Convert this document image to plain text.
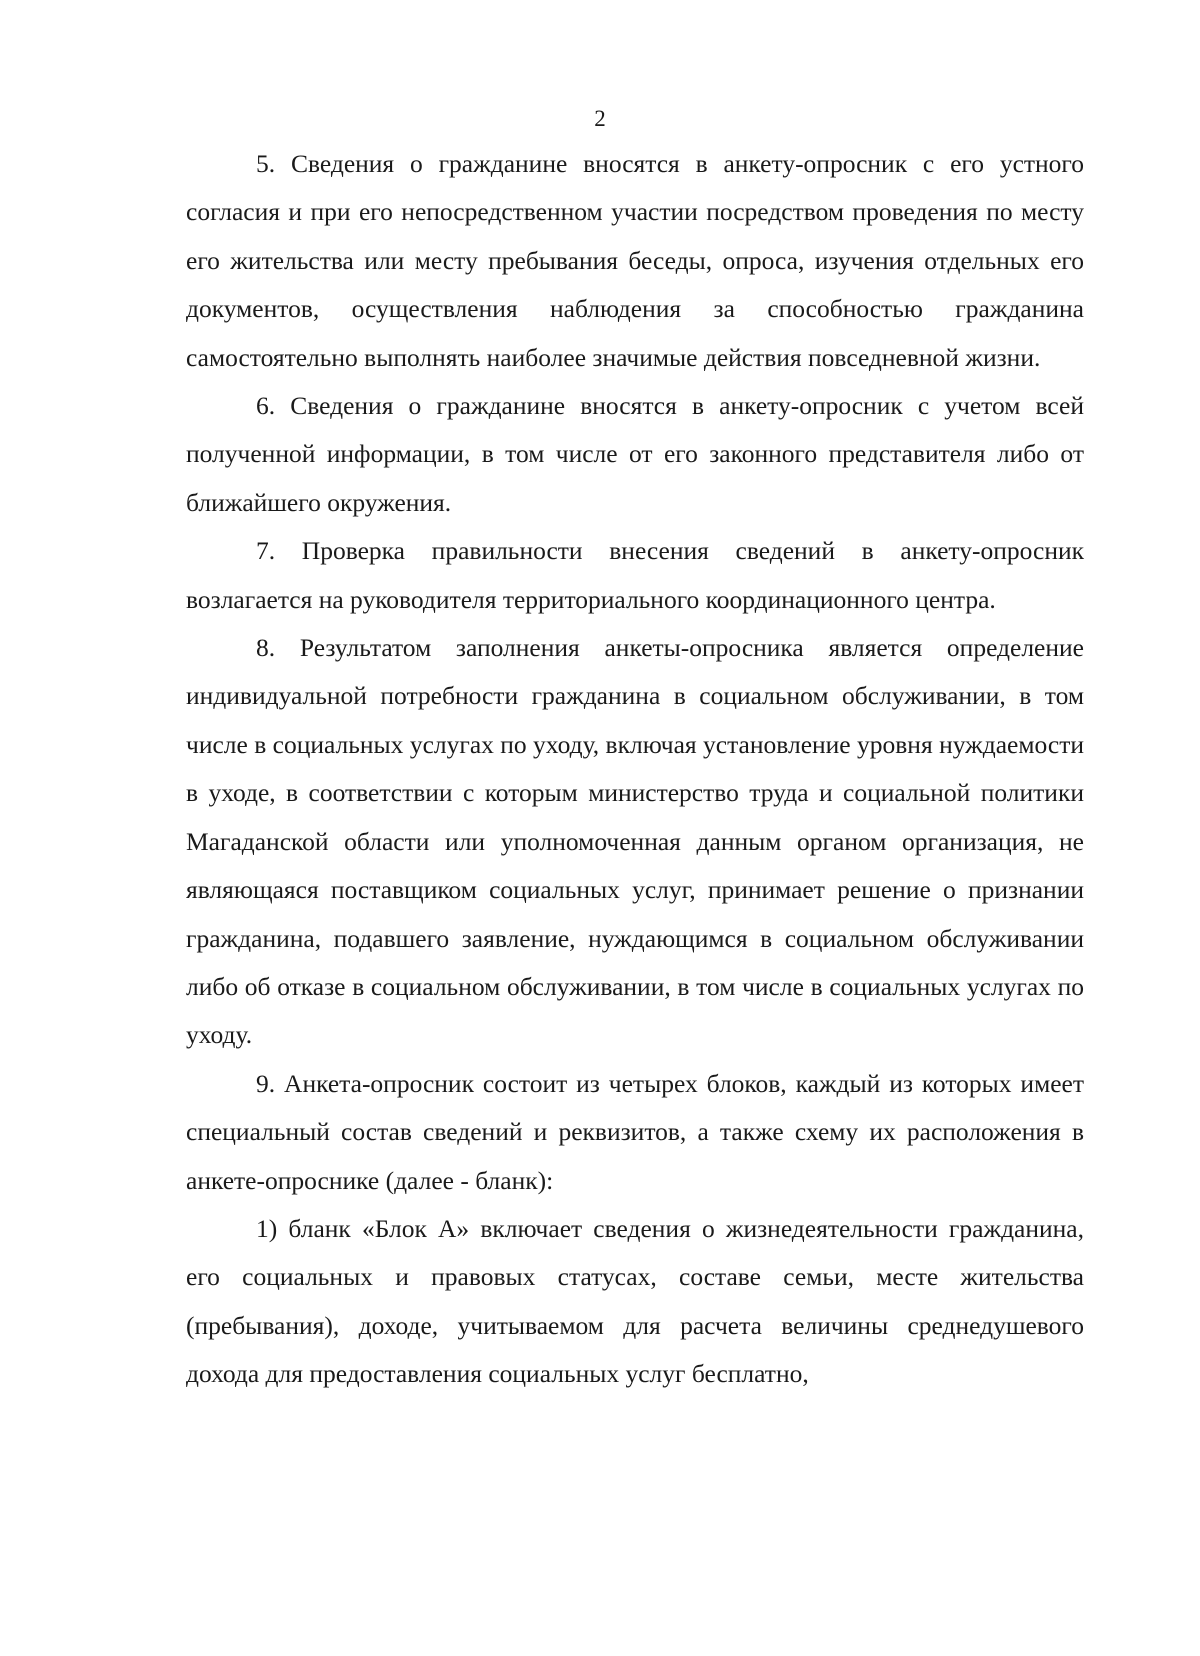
2

5. Сведения о гражданине вносятся в анкету-опросник с его устного согласия и при его непосредственном участии посредством проведения по месту его жительства или месту пребывания беседы, опроса, изучения отдельных его документов, осуществления наблюдения за способностью гражданина самостоятельно выполнять наиболее значимые действия повседневной жизни.

6. Сведения о гражданине вносятся в анкету-опросник с учетом всей полученной информации, в том числе от его законного представителя либо от ближайшего окружения.

7. Проверка правильности внесения сведений в анкету-опросник возлагается на руководителя территориального координационного центра.

8. Результатом заполнения анкеты-опросника является определение индивидуальной потребности гражданина в социальном обслуживании, в том числе в социальных услугах по уходу, включая установление уровня нуждаемости в уходе, в соответствии с которым министерство труда и социальной политики Магаданской области или уполномоченная данным органом организация, не являющаяся поставщиком социальных услуг, принимает решение о признании гражданина, подавшего заявление, нуждающимся в социальном обслуживании либо об отказе в социальном обслуживании, в том числе в социальных услугах по уходу.

9. Анкета-опросник состоит из четырех блоков, каждый из которых имеет специальный состав сведений и реквизитов, а также схему их расположения в анкете-опроснике (далее - бланк):

1) бланк «Блок А» включает сведения о жизнедеятельности гражданина, его социальных и правовых статусах, составе семьи, месте жительства (пребывания), доходе, учитываемом для расчета величины среднедушевого дохода для предоставления социальных услуг бесплатно,
